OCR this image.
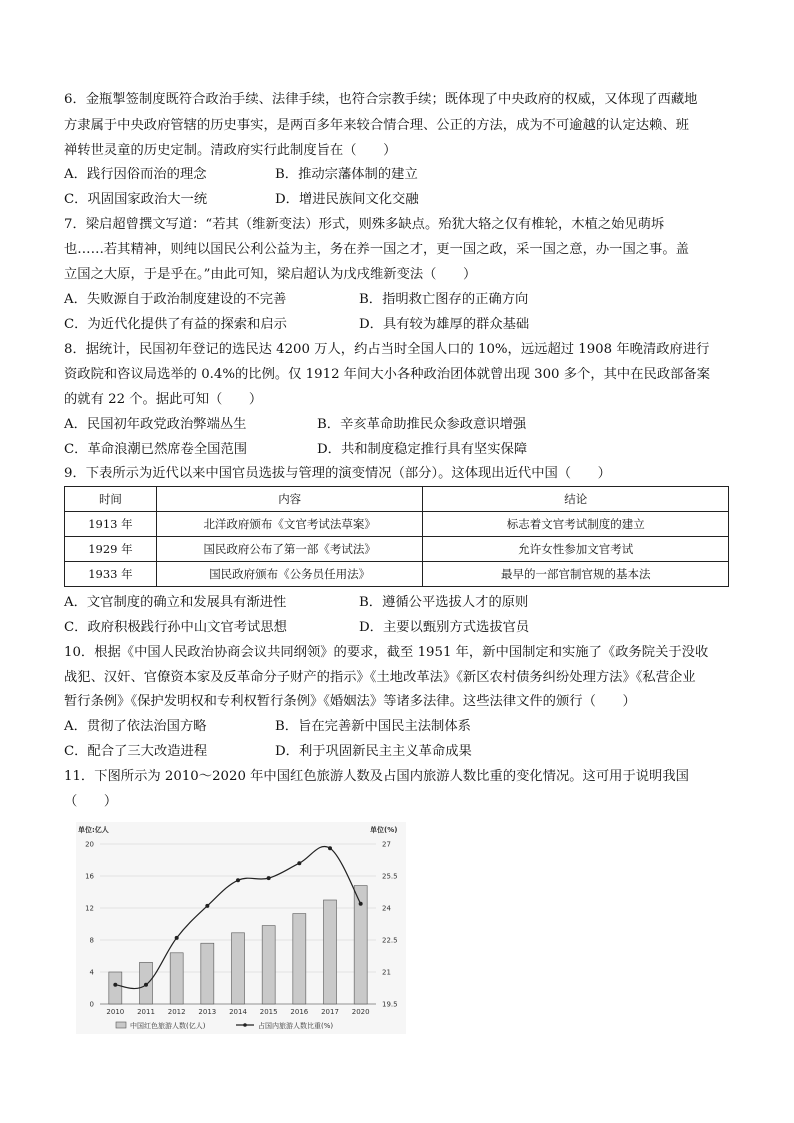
6．金瓶掣签制度既符合政治手续、法律手续，也符合宗教手续；既体现了中央政府的权威，又体现了西藏地
方隶属于中央政府管辖的历史事实，是两百多年来较合情合理、公正的方法，成为不可逾越的认定达赖、班
禅转世灵童的历史定制。清政府实行此制度旨在（　　）
A．践行因俗而治的理念	B．推动宗藩体制的建立
C．巩固国家政治大一统	D．增进民族间文化交融
7．梁启超曾撰文写道：“若其（维新变法）形式，则殊多缺点。殆犹大辂之仅有椎轮，木植之始见萌坼
也……若其精神，则纯以国民公利公益为主，务在养一国之才，更一国之政，采一国之意，办一国之事。盖
立国之大原，于是乎在。”由此可知，梁启超认为戊戌维新变法（　　）
A．失败源自于政治制度建设的不完善	B．指明救亡图存的正确方向
C．为近代化提供了有益的探索和启示	D．具有较为雄厚的群众基础
8．据统计，民国初年登记的选民达 4200 万人，约占当时全国人口的 10%，远远超过 1908 年晚清政府进行
资政院和咨议局选举的 0.4%的比例。仅 1912 年间大小各种政治团体就曾出现 300 多个，其中在民政部备案
的就有 22 个。据此可知（　　）
A．民国初年政党政治弊端丛生	B．辛亥革命助推民众参政意识增强
C．革命浪潮已然席卷全国范围	D．共和制度稳定推行具有坚实保障
9．下表所示为近代以来中国官员选拔与管理的演变情况（部分）。这体现出近代中国（　　）
时间	内容	结论
1913 年	北洋政府颁布《文官考试法草案》	标志着文官考试制度的建立
1929 年	国民政府公布了第一部《考试法》	允许女性参加文官考试
1933 年	国民政府颁布《公务员任用法》	最早的一部官制官规的基本法
A．文官制度的确立和发展具有渐进性	B．遵循公平选拔人才的原则
C．政府积极践行孙中山文官考试思想	D．主要以甄别方式选拔官员
10．根据《中国人民政治协商会议共同纲领》的要求，截至 1951 年，新中国制定和实施了《政务院关于没收
战犯、汉奸、官僚资本家及反革命分子财产的指示》《土地改革法》《新区农村债务纠纷处理方法》《私营企业
暂行条例》《保护发明权和专利权暂行条例》《婚姻法》等诸多法律。这些法律文件的颁行（　　）
A．贯彻了依法治国方略	B．旨在完善新中国民主法制体系
C．配合了三大改造进程	D．利于巩固新民主主义革命成果
11．下图所示为 2010～2020 年中国红色旅游人数及占国内旅游人数比重的变化情况。这可用于说明我国
（　　）
0
4
8
12
16
20
19.5
21
22.5
24
25.5
27
单位:亿人	单位(%)
2010 2011 2012 2013 2014 2015 2016 2017 2020
中国红色旅游人数(亿人)	占国内旅游人数比重(%)
